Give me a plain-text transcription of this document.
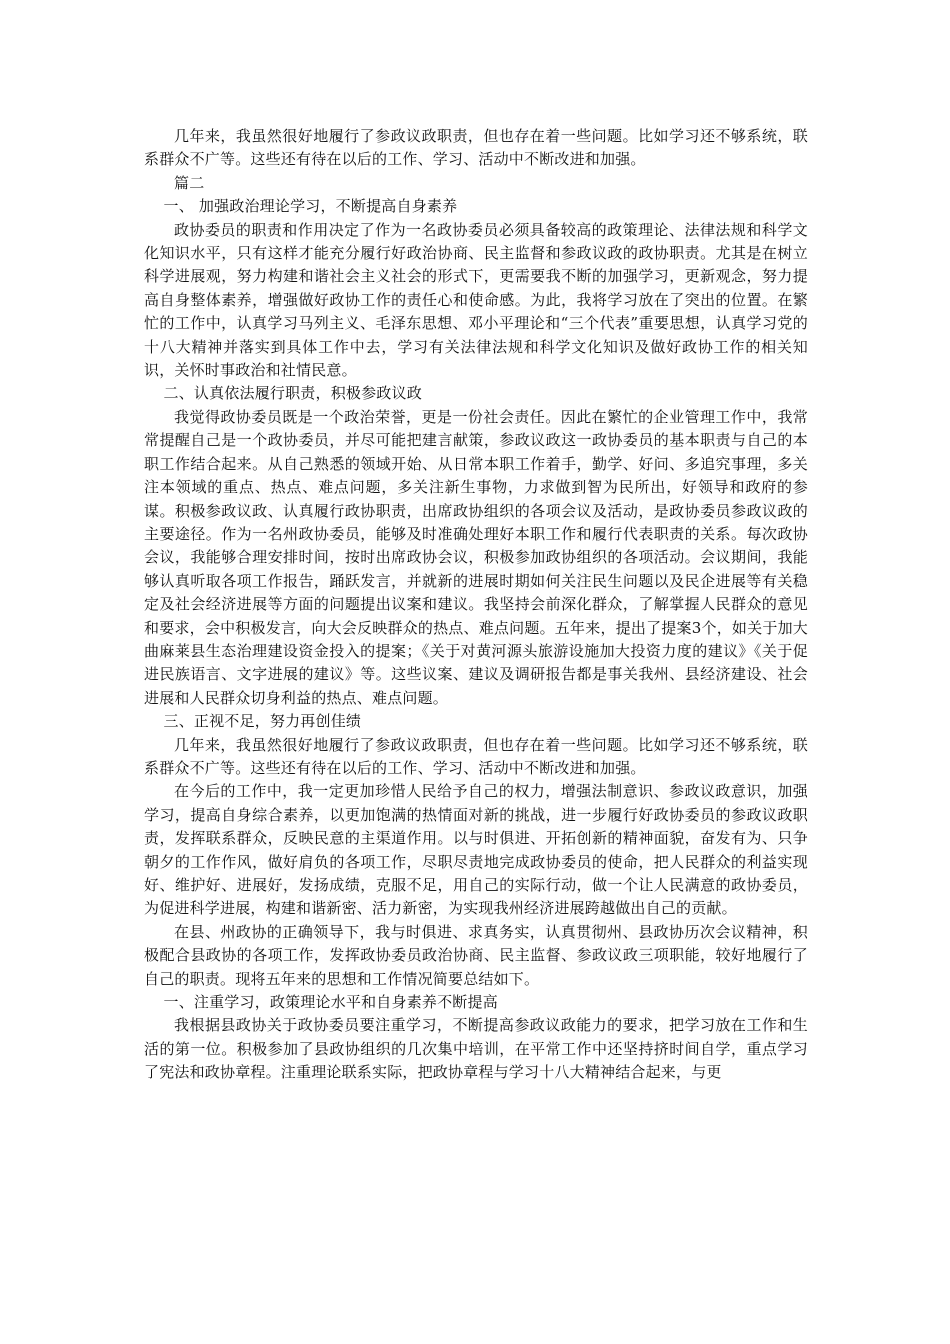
几年来，我虽然很好地履行了参政议政职责，但也存在着一些问题。比如学习还不够系统，联系群众不广等。这些还有待在以后的工作、学习、活动中不断改进和加强。

篇二

一、 加强政治理论学习，不断提高自身素养

政协委员的职责和作用决定了作为一名政协委员必须具备较高的政策理论、法律法规和科学文化知识水平，只有这样才能充分履行好政治协商、民主监督和参政议政的政协职责。尤其是在树立科学进展观，努力构建和谐社会主义社会的形式下，更需要我不断的加强学习，更新观念，努力提高自身整体素养，增强做好政协工作的责任心和使命感。为此，我将学习放在了突出的位置。在繁忙的工作中，认真学习马列主义、毛泽东思想、邓小平理论和“三个代表”重要思想，认真学习党的十八大精神并落实到具体工作中去，学习有关法律法规和科学文化知识及做好政协工作的相关知识，关怀时事政治和社情民意。

二、认真依法履行职责，积极参政议政

我觉得政协委员既是一个政治荣誉，更是一份社会责任。因此在繁忙的企业管理工作中，我常常提醒自己是一个政协委员，并尽可能把建言献策，参政议政这一政协委员的基本职责与自己的本职工作结合起来。从自己熟悉的领域开始、从日常本职工作着手，勤学、好问、多追究事理，多关注本领域的重点、热点、难点问题，多关注新生事物，力求做到智为民所出，好领导和政府的参谋。积极参政议政、认真履行政协职责，出席政协组织的各项会议及活动，是政协委员参政议政的主要途径。作为一名州政协委员，能够及时准确处理好本职工作和履行代表职责的关系。每次政协会议，我能够合理安排时间，按时出席政协会议，积极参加政协组织的各项活动。会议期间，我能够认真听取各项工作报告，踊跃发言，并就新的进展时期如何关注民生问题以及民企进展等有关稳定及社会经济进展等方面的问题提出议案和建议。我坚持会前深化群众，了解掌握人民群众的意见和要求，会中积极发言，向大会反映群众的热点、难点问题。五年来，提出了提案3个，如关于加大曲麻莱县生态治理建设资金投入的提案；《关于对黄河源头旅游设施加大投资力度的建议》《关于促进民族语言、文字进展的建议》等。这些议案、建议及调研报告都是事关我州、县经济建设、社会进展和人民群众切身利益的热点、难点问题。

三、正视不足，努力再创佳绩

几年来，我虽然很好地履行了参政议政职责，但也存在着一些问题。比如学习还不够系统，联系群众不广等。这些还有待在以后的工作、学习、活动中不断改进和加强。

在今后的工作中，我一定更加珍惜人民给予自己的权力，增强法制意识、参政议政意识，加强学习，提高自身综合素养，以更加饱满的热情面对新的挑战，进一步履行好政协委员的参政议政职责，发挥联系群众，反映民意的主渠道作用。以与时俱进、开拓创新的精神面貌，奋发有为、只争朝夕的工作作风，做好肩负的各项工作，尽职尽责地完成政协委员的使命，把人民群众的利益实现好、维护好、进展好，发扬成绩，克服不足，用自己的实际行动，做一个让人民满意的政协委员，为促进科学进展，构建和谐新密、活力新密，为实现我州经济进展跨越做出自己的贡献。

在县、州政协的正确领导下，我与时俱进、求真务实，认真贯彻州、县政协历次会议精神，积极配合县政协的各项工作，发挥政协委员政治协商、民主监督、参政议政三项职能，较好地履行了自己的职责。现将五年来的思想和工作情况简要总结如下。

一、注重学习，政策理论水平和自身素养不断提高

我根据县政协关于政协委员要注重学习，不断提高参政议政能力的要求，把学习放在工作和生活的第一位。积极参加了县政协组织的几次集中培训，在平常工作中还坚持挤时间自学，重点学习了宪法和政协章程。注重理论联系实际，把政协章程与学习十八大精神结合起来，与更
